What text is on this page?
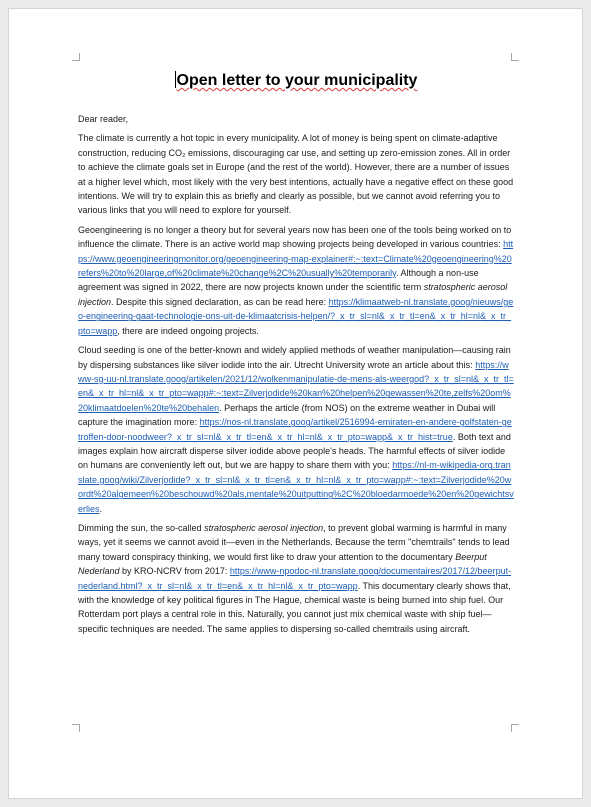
Open letter to your municipality

Dear reader,

The climate is currently a hot topic in every municipality. A lot of money is being spent on climate-adaptive construction, reducing CO₂ emissions, discouraging car use, and setting up zero-emission zones. All in order to achieve the climate goals set in Europe (and the rest of the world). However, there are a number of issues at a higher level which, most likely with the very best intentions, actually have a negative effect on these good intentions. We will try to explain this as briefly and clearly as possible, but we cannot avoid referring you to various links that you will need to explore for yourself.

Geoengineering is no longer a theory but for several years now has been one of the tools being worked on to influence the climate. There is an active world map showing projects being developed in various countries: https://www.geoengineeringmonitor.org/geoengineering-map-explainer#:~:text=Climate%20geoengineering%20refers%20to%20large,of%20climate%20change%2C%20usually%20temporarily. Although a non-use agreement was signed in 2022, there are now projects known under the scientific term stratospheric aerosol injection. Despite this signed declaration, as can be read here: https://klimaatweb-nl.translate.goog/nieuws/geo-engineering-gaat-technologie-ons-uit-de-klimaatcrisis-helpen/?_x_tr_sl=nl&_x_tr_tl=en&_x_tr_hl=nl&_x_tr_pto=wapp, there are indeed ongoing projects.

Cloud seeding is one of the better-known and widely applied methods of weather manipulation—causing rain by dispersing substances like silver iodide into the air. Utrecht University wrote an article about this: https://www-sg-uu-nl.translate.goog/artikelen/2021/12/wolkenmanipulatie-de-mens-als-weergod?_x_tr_sl=nl&_x_tr_tl=en&_x_tr_hl=nl&_x_tr_pto=wapp#:~:text=Zilverjodide%20kan%20helpen%20gewassen%20te,zelfs%20om%20klimaatdoelen%20te%20behalen. Perhaps the article (from NOS) on the extreme weather in Dubai will capture the imagination more: https://nos-nl.translate.goog/artikel/2516994-emiraten-en-andere-golfstaten-getroffen-door-noodweer?_x_tr_sl=nl&_x_tr_tl=en&_x_tr_hl=nl&_x_tr_pto=wapp&_x_tr_hist=true. Both text and images explain how aircraft disperse silver iodide above people's heads. The harmful effects of silver iodide on humans are conveniently left out, but we are happy to share them with you: https://nl-m-wikipedia-org.translate.goog/wiki/Zilverjodide?_x_tr_sl=nl&_x_tr_tl=en&_x_tr_hl=nl&_x_tr_pto=wapp#:~:text=Zilverjodide%20wordt%20algemeen%20beschouwd%20als,mentale%20uitputting%2C%20bloedarmoede%20en%20gewichtsverlies.

Dimming the sun, the so-called stratospheric aerosol injection, to prevent global warming is harmful in many ways, yet it seems we cannot avoid it—even in the Netherlands. Because the term "chemtrails" tends to lead many toward conspiracy thinking, we would first like to draw your attention to the documentary Beerput Nederland by KRO-NCRV from 2017: https://www-npodoc-nl.translate.goog/documentaires/2017/12/beerput-nederland.html?_x_tr_sl=nl&_x_tr_tl=en&_x_tr_hl=nl&_x_tr_pto=wapp. This documentary clearly shows that, with the knowledge of key political figures in The Hague, chemical waste is being burned into ship fuel. Our Rotterdam port plays a central role in this. Naturally, you cannot just mix chemical waste with ship fuel—specific techniques are needed. The same applies to dispersing so-called chemtrails using aircraft.
